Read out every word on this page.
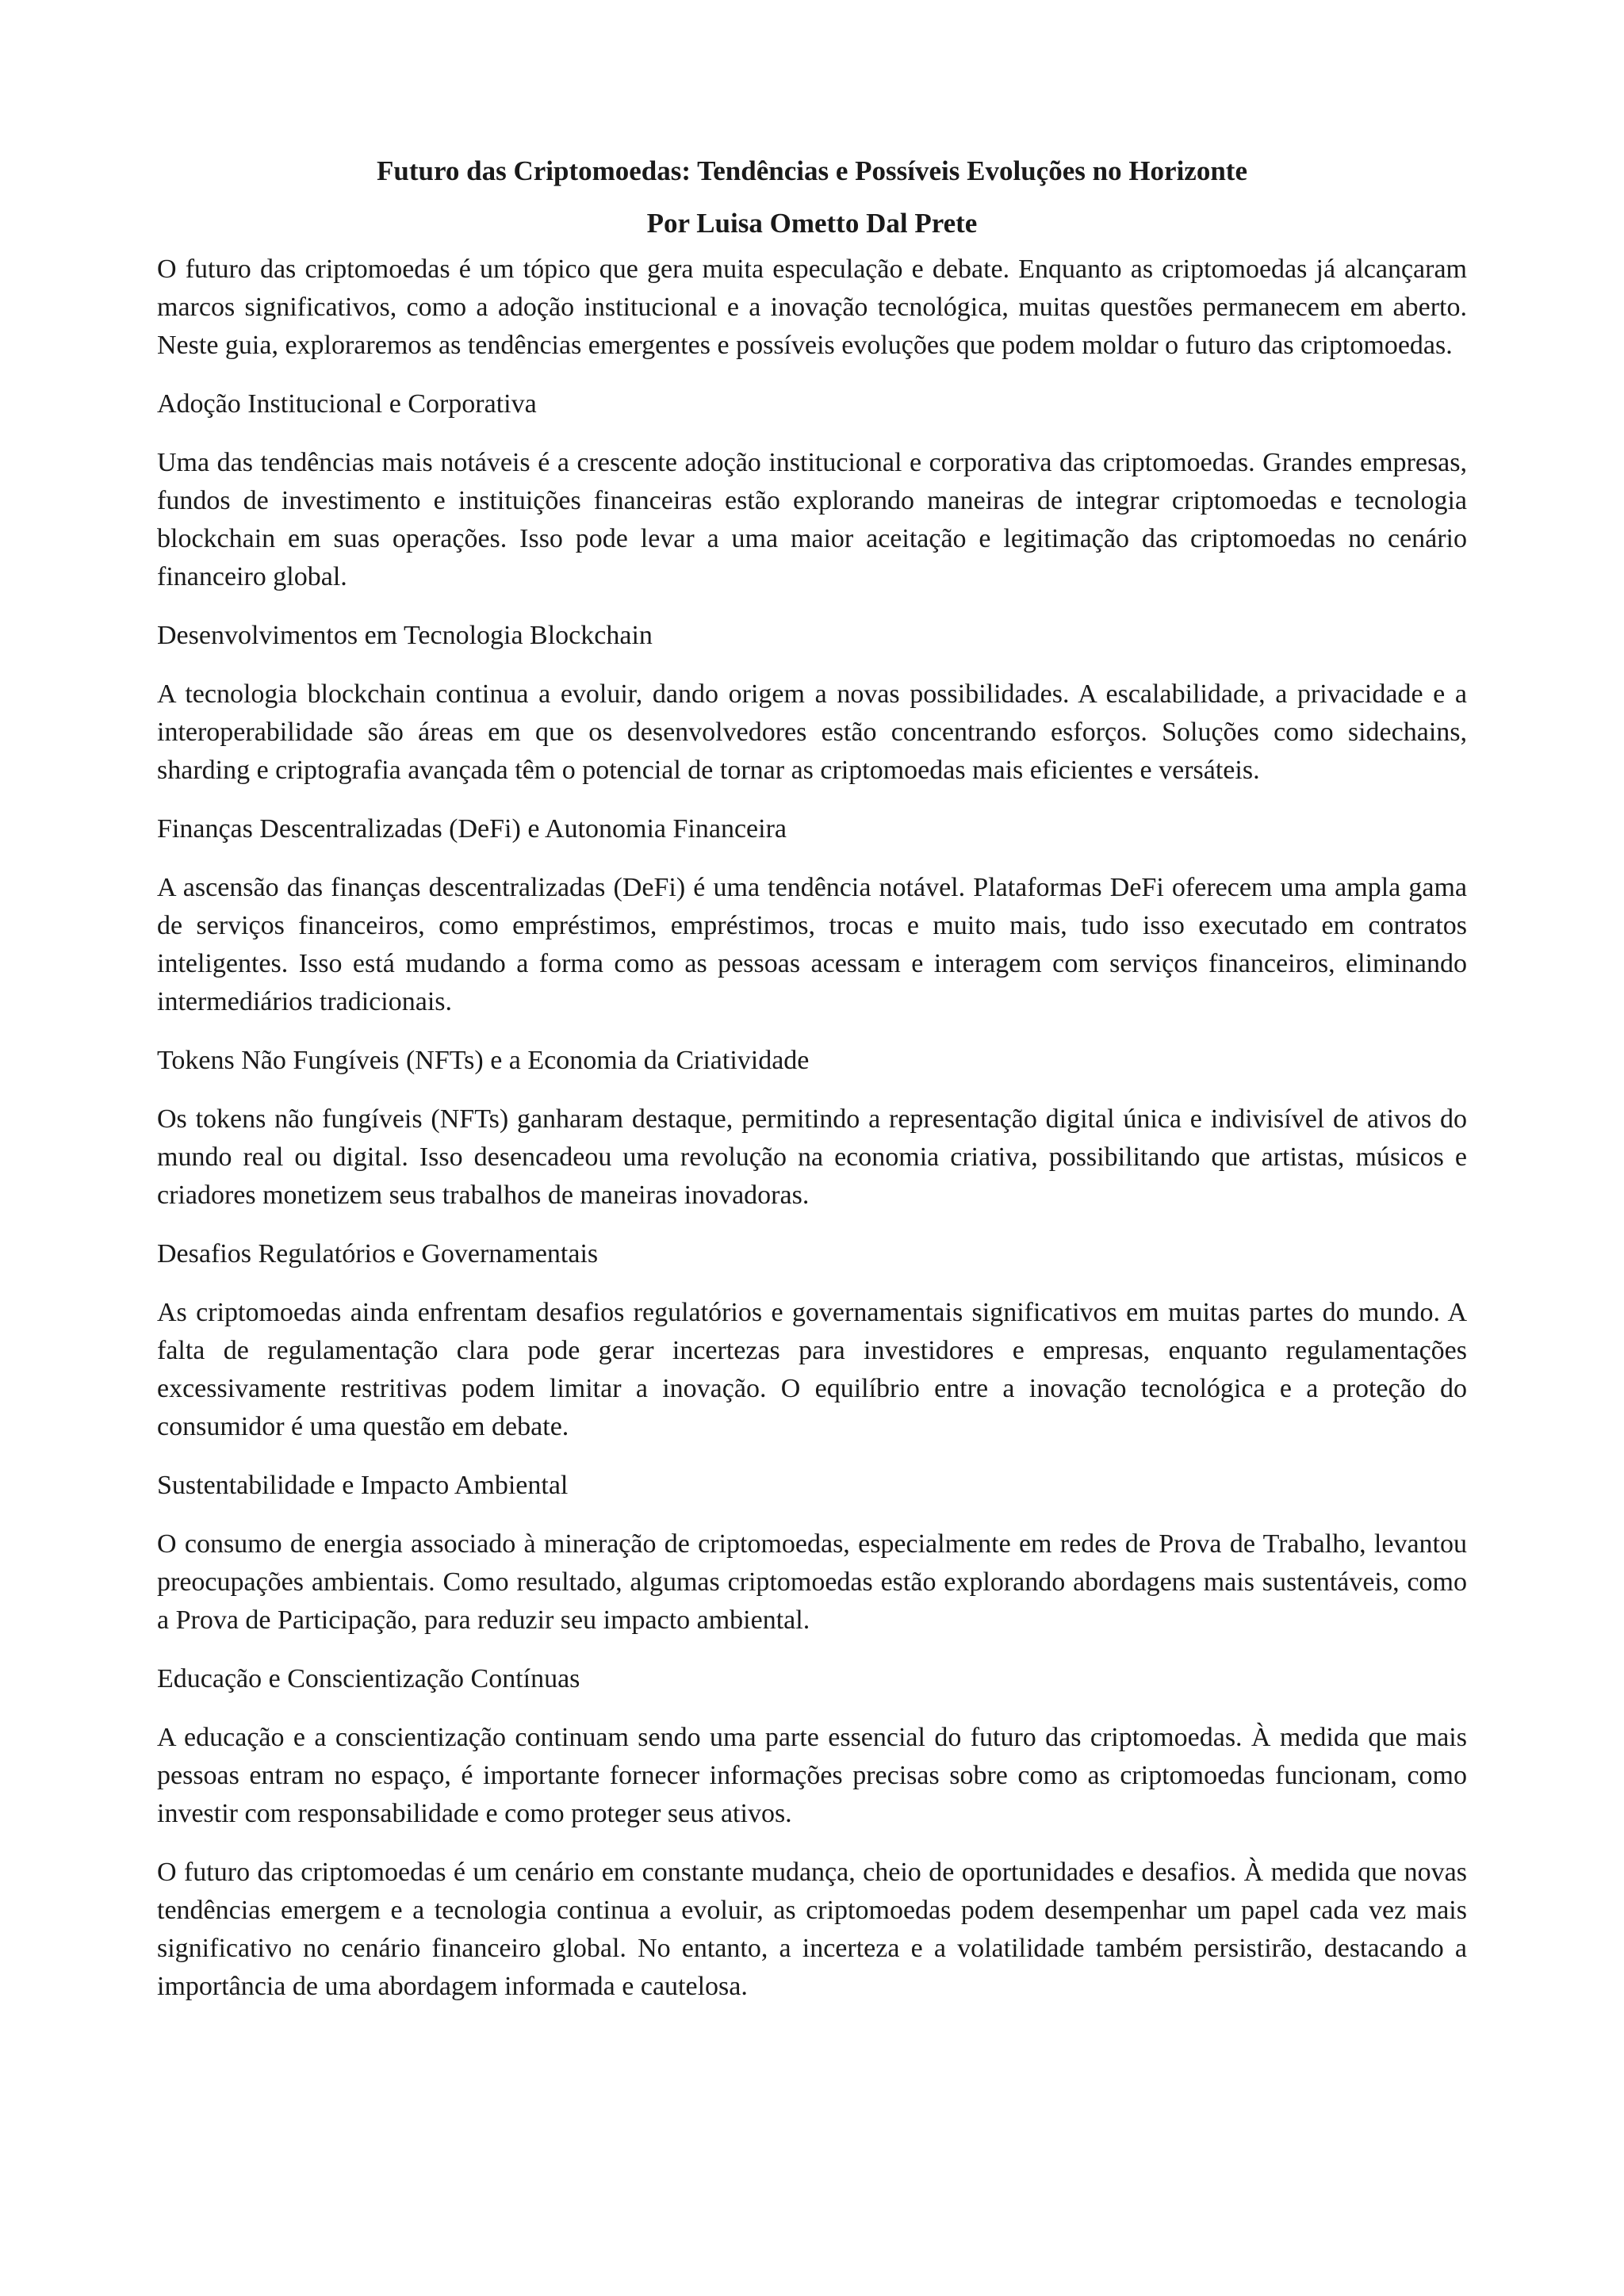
Futuro das Criptomoedas: Tendências e Possíveis Evoluções no Horizonte
Por Luisa Ometto Dal Prete

O futuro das criptomoedas é um tópico que gera muita especulação e debate. Enquanto as criptomoedas já alcançaram marcos significativos, como a adoção institucional e a inovação tecnológica, muitas questões permanecem em aberto. Neste guia, exploraremos as tendências emergentes e possíveis evoluções que podem moldar o futuro das criptomoedas.

Adoção Institucional e Corporativa

Uma das tendências mais notáveis é a crescente adoção institucional e corporativa das criptomoedas. Grandes empresas, fundos de investimento e instituições financeiras estão explorando maneiras de integrar criptomoedas e tecnologia blockchain em suas operações. Isso pode levar a uma maior aceitação e legitimação das criptomoedas no cenário financeiro global.

Desenvolvimentos em Tecnologia Blockchain

A tecnologia blockchain continua a evoluir, dando origem a novas possibilidades. A escalabilidade, a privacidade e a interoperabilidade são áreas em que os desenvolvedores estão concentrando esforços. Soluções como sidechains, sharding e criptografia avançada têm o potencial de tornar as criptomoedas mais eficientes e versáteis.

Finanças Descentralizadas (DeFi) e Autonomia Financeira

A ascensão das finanças descentralizadas (DeFi) é uma tendência notável. Plataformas DeFi oferecem uma ampla gama de serviços financeiros, como empréstimos, empréstimos, trocas e muito mais, tudo isso executado em contratos inteligentes. Isso está mudando a forma como as pessoas acessam e interagem com serviços financeiros, eliminando intermediários tradicionais.

Tokens Não Fungíveis (NFTs) e a Economia da Criatividade

Os tokens não fungíveis (NFTs) ganharam destaque, permitindo a representação digital única e indivisível de ativos do mundo real ou digital. Isso desencadeou uma revolução na economia criativa, possibilitando que artistas, músicos e criadores monetizem seus trabalhos de maneiras inovadoras.

Desafios Regulatórios e Governamentais

As criptomoedas ainda enfrentam desafios regulatórios e governamentais significativos em muitas partes do mundo. A falta de regulamentação clara pode gerar incertezas para investidores e empresas, enquanto regulamentações excessivamente restritivas podem limitar a inovação. O equilíbrio entre a inovação tecnológica e a proteção do consumidor é uma questão em debate.

Sustentabilidade e Impacto Ambiental

O consumo de energia associado à mineração de criptomoedas, especialmente em redes de Prova de Trabalho, levantou preocupações ambientais. Como resultado, algumas criptomoedas estão explorando abordagens mais sustentáveis, como a Prova de Participação, para reduzir seu impacto ambiental.

Educação e Conscientização Contínuas

A educação e a conscientização continuam sendo uma parte essencial do futuro das criptomoedas. À medida que mais pessoas entram no espaço, é importante fornecer informações precisas sobre como as criptomoedas funcionam, como investir com responsabilidade e como proteger seus ativos.

O futuro das criptomoedas é um cenário em constante mudança, cheio de oportunidades e desafios. À medida que novas tendências emergem e a tecnologia continua a evoluir, as criptomoedas podem desempenhar um papel cada vez mais significativo no cenário financeiro global. No entanto, a incerteza e a volatilidade também persistirão, destacando a importância de uma abordagem informada e cautelosa.
